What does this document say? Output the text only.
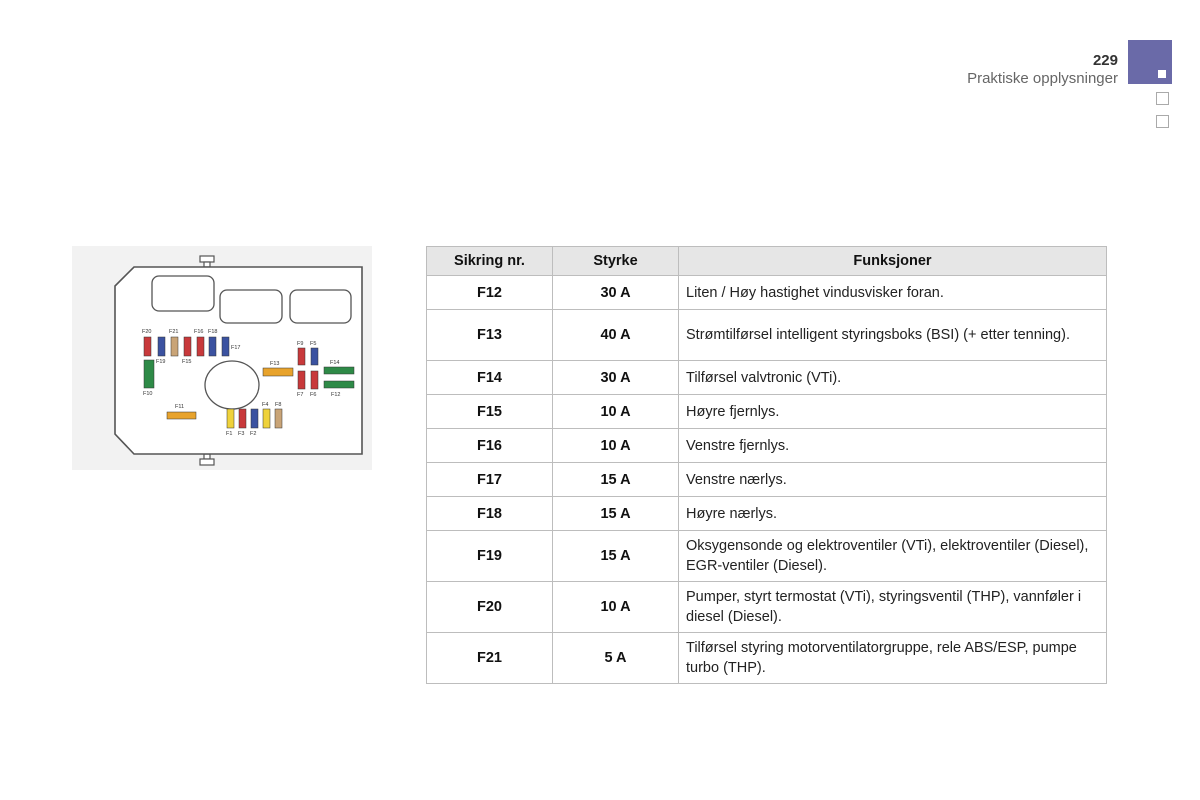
229
Praktiske opplysninger
F20	F21	F16 F18
F19	F15
F17
F9 F5
F13	F14
F10	F7 F6	F12
F11	F4 F8
F1 F3 F2
Sikring nr.	Styrke	Funksjoner
F12	30 A	Liten / Høy hastighet vindusvisker foran.
F13	40 A	Strømtilførsel intelligent styringsboks (BSI) (+ etter tenning).
F14	30 A	Tilførsel valvtronic (VTi).
F15	10 A	Høyre fjernlys.
F16	10 A	Venstre fjernlys.
F17	15 A	Venstre nærlys.
F18	15 A	Høyre nærlys.
F19	15 A	Oksygensonde og elektroventiler (VTi), elektroventiler (Diesel), EGR-ventiler (Diesel).
F20	10 A	Pumper, styrt termostat (VTi), styringsventil (THP), vannføler i diesel (Diesel).
F21	5 A	Tilførsel styring motorventilatorgruppe, rele ABS/ESP, pumpe turbo (THP).
